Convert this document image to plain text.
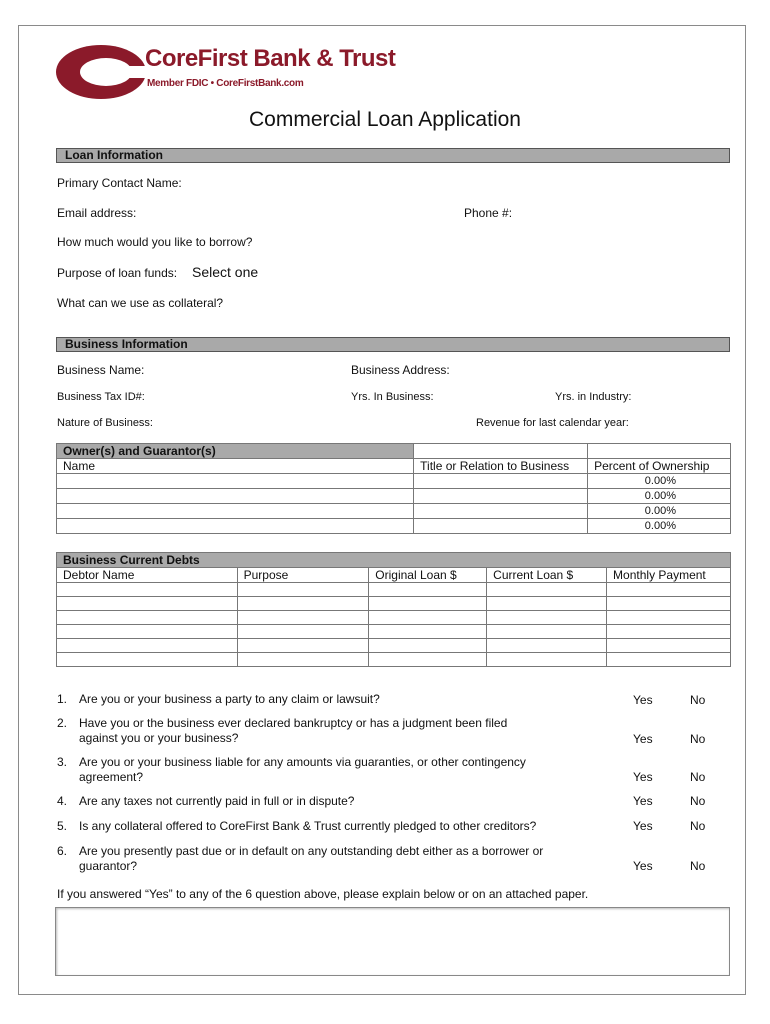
CoreFirst Bank & Trust
Member FDIC • CoreFirstBank.com
Commercial Loan Application
Loan Information
Primary Contact Name:
Email address:	Phone #:
How much would you like to borrow?
Purpose of loan funds: Select one
What can we use as collateral?
Business Information
Business Name:	Business Address:
Business Tax ID#:	Yrs. In Business:	Yrs. in Industry:
Nature of Business:	Revenue for last calendar year:
Owner(s) and Guarantor(s)		
Name	Title or Relation to Business	Percent of Ownership
		0.00%
		0.00%
		0.00%
		0.00%
Business Current Debts				
Debtor Name	Purpose	Original Loan $	Current Loan $	Monthly Payment

1. Are you or your business a party to any claim or lawsuit?	Yes	No
2. Have you or the business ever declared bankruptcy or has a judgment been filed
against you or your business?	Yes	No
3. Are you or your business liable for any amounts via guaranties, or other contingency
agreement?	Yes	No
4. Are any taxes not currently paid in full or in dispute?	Yes	No
5. Is any collateral offered to CoreFirst Bank & Trust currently pledged to other creditors?	Yes	No
6. Are you presently past due or in default on any outstanding debt either as a borrower or
guarantor?	Yes	No
If you answered “Yes” to any of the 6 question above, please explain below or on an attached paper.
